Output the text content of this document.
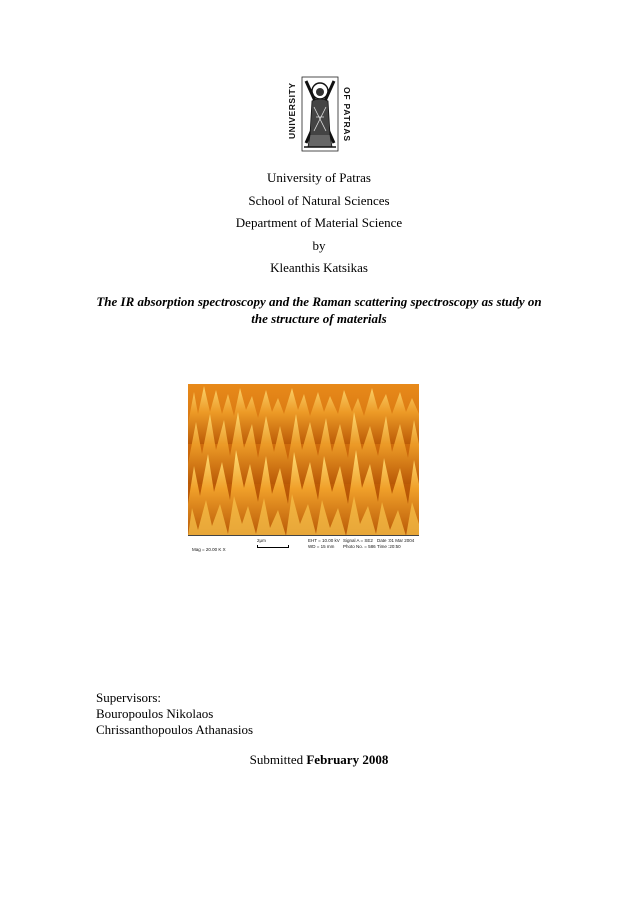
UNIVERSITY
OF PATRAS
University of Patras
School of Natural Sciences
Department of Material Science
by
Kleanthis Katsikas
The IR absorption spectroscopy and the Raman scattering spectroscopy as study on the structure of materials
2μm
Mag = 20.00 K X
EHT = 10.00 kV
WD = 15 mm
Signal A = SE2
Photo No. = 586
Date :01 Mar 2004
Time :20:50
Supervisors:
Bouropoulos Nikolaos
Chrissanthopoulos Athanasios
Submitted February 2008
